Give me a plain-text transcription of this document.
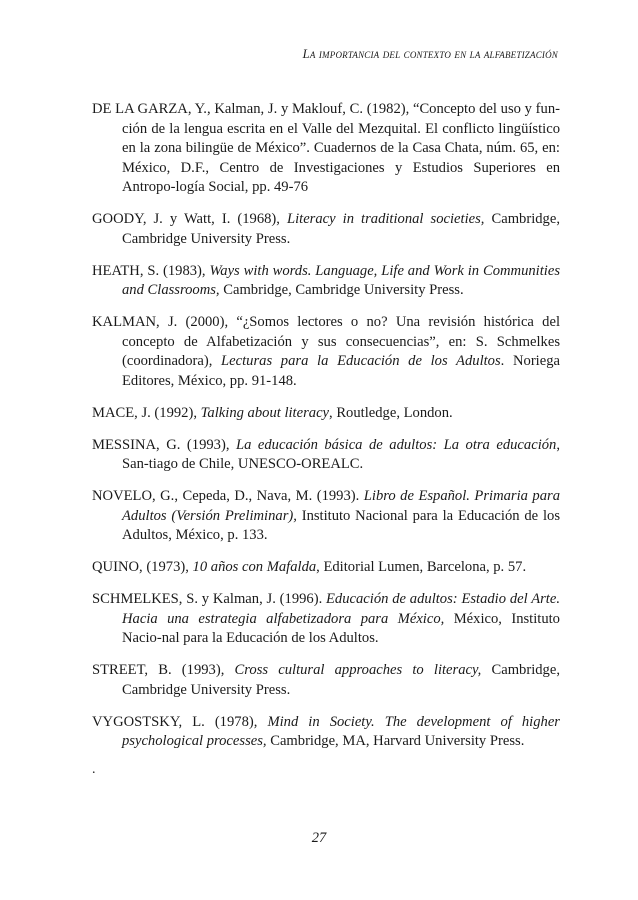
La importancia del contexto en la alfabetización

DE LA GARZA, Y., Kalman, J. y Maklouf, C. (1982), “Concepto del uso y fun-ción de la lengua escrita en el Valle del Mezquital. El conflicto lingüístico en la zona bilingüe de México”. Cuadernos de la Casa Chata, núm. 65, en: México, D.F., Centro de Investigaciones y Estudios Superiores en Antropo-logía Social, pp. 49-76

GOODY, J. y Watt, I. (1968), Literacy in traditional societies, Cambridge, Cambridge University Press.

HEATH, S. (1983), Ways with words. Language, Life and Work in Communities and Classrooms, Cambridge, Cambridge University Press.

KALMAN, J. (2000), “¿Somos lectores o no? Una revisión histórica del concepto de Alfabetización y sus consecuencias”, en: S. Schmelkes (coordinadora), Lecturas para la Educación de los Adultos. Noriega Editores, México, pp. 91-148.

MACE, J. (1992), Talking about literacy, Routledge, London.

MESSINA, G. (1993), La educación básica de adultos: La otra educación, San-tiago de Chile, UNESCO-OREALC.

NOVELO, G., Cepeda, D., Nava, M. (1993). Libro de Español. Primaria para Adultos (Versión Preliminar), Instituto Nacional para la Educación de los Adultos, México, p. 133.

QUINO, (1973), 10 años con Mafalda, Editorial Lumen, Barcelona, p. 57.

SCHMELKES, S. y Kalman, J. (1996). Educación de adultos: Estadio del Arte. Hacia una estrategia alfabetizadora para México, México, Instituto Nacio-nal para la Educación de los Adultos.

STREET, B. (1993), Cross cultural approaches to literacy, Cambridge, Cambridge University Press.

VYGOSTSKY, L. (1978), Mind in Society. The development of higher psychological processes, Cambridge, MA, Harvard University Press.

.

27
